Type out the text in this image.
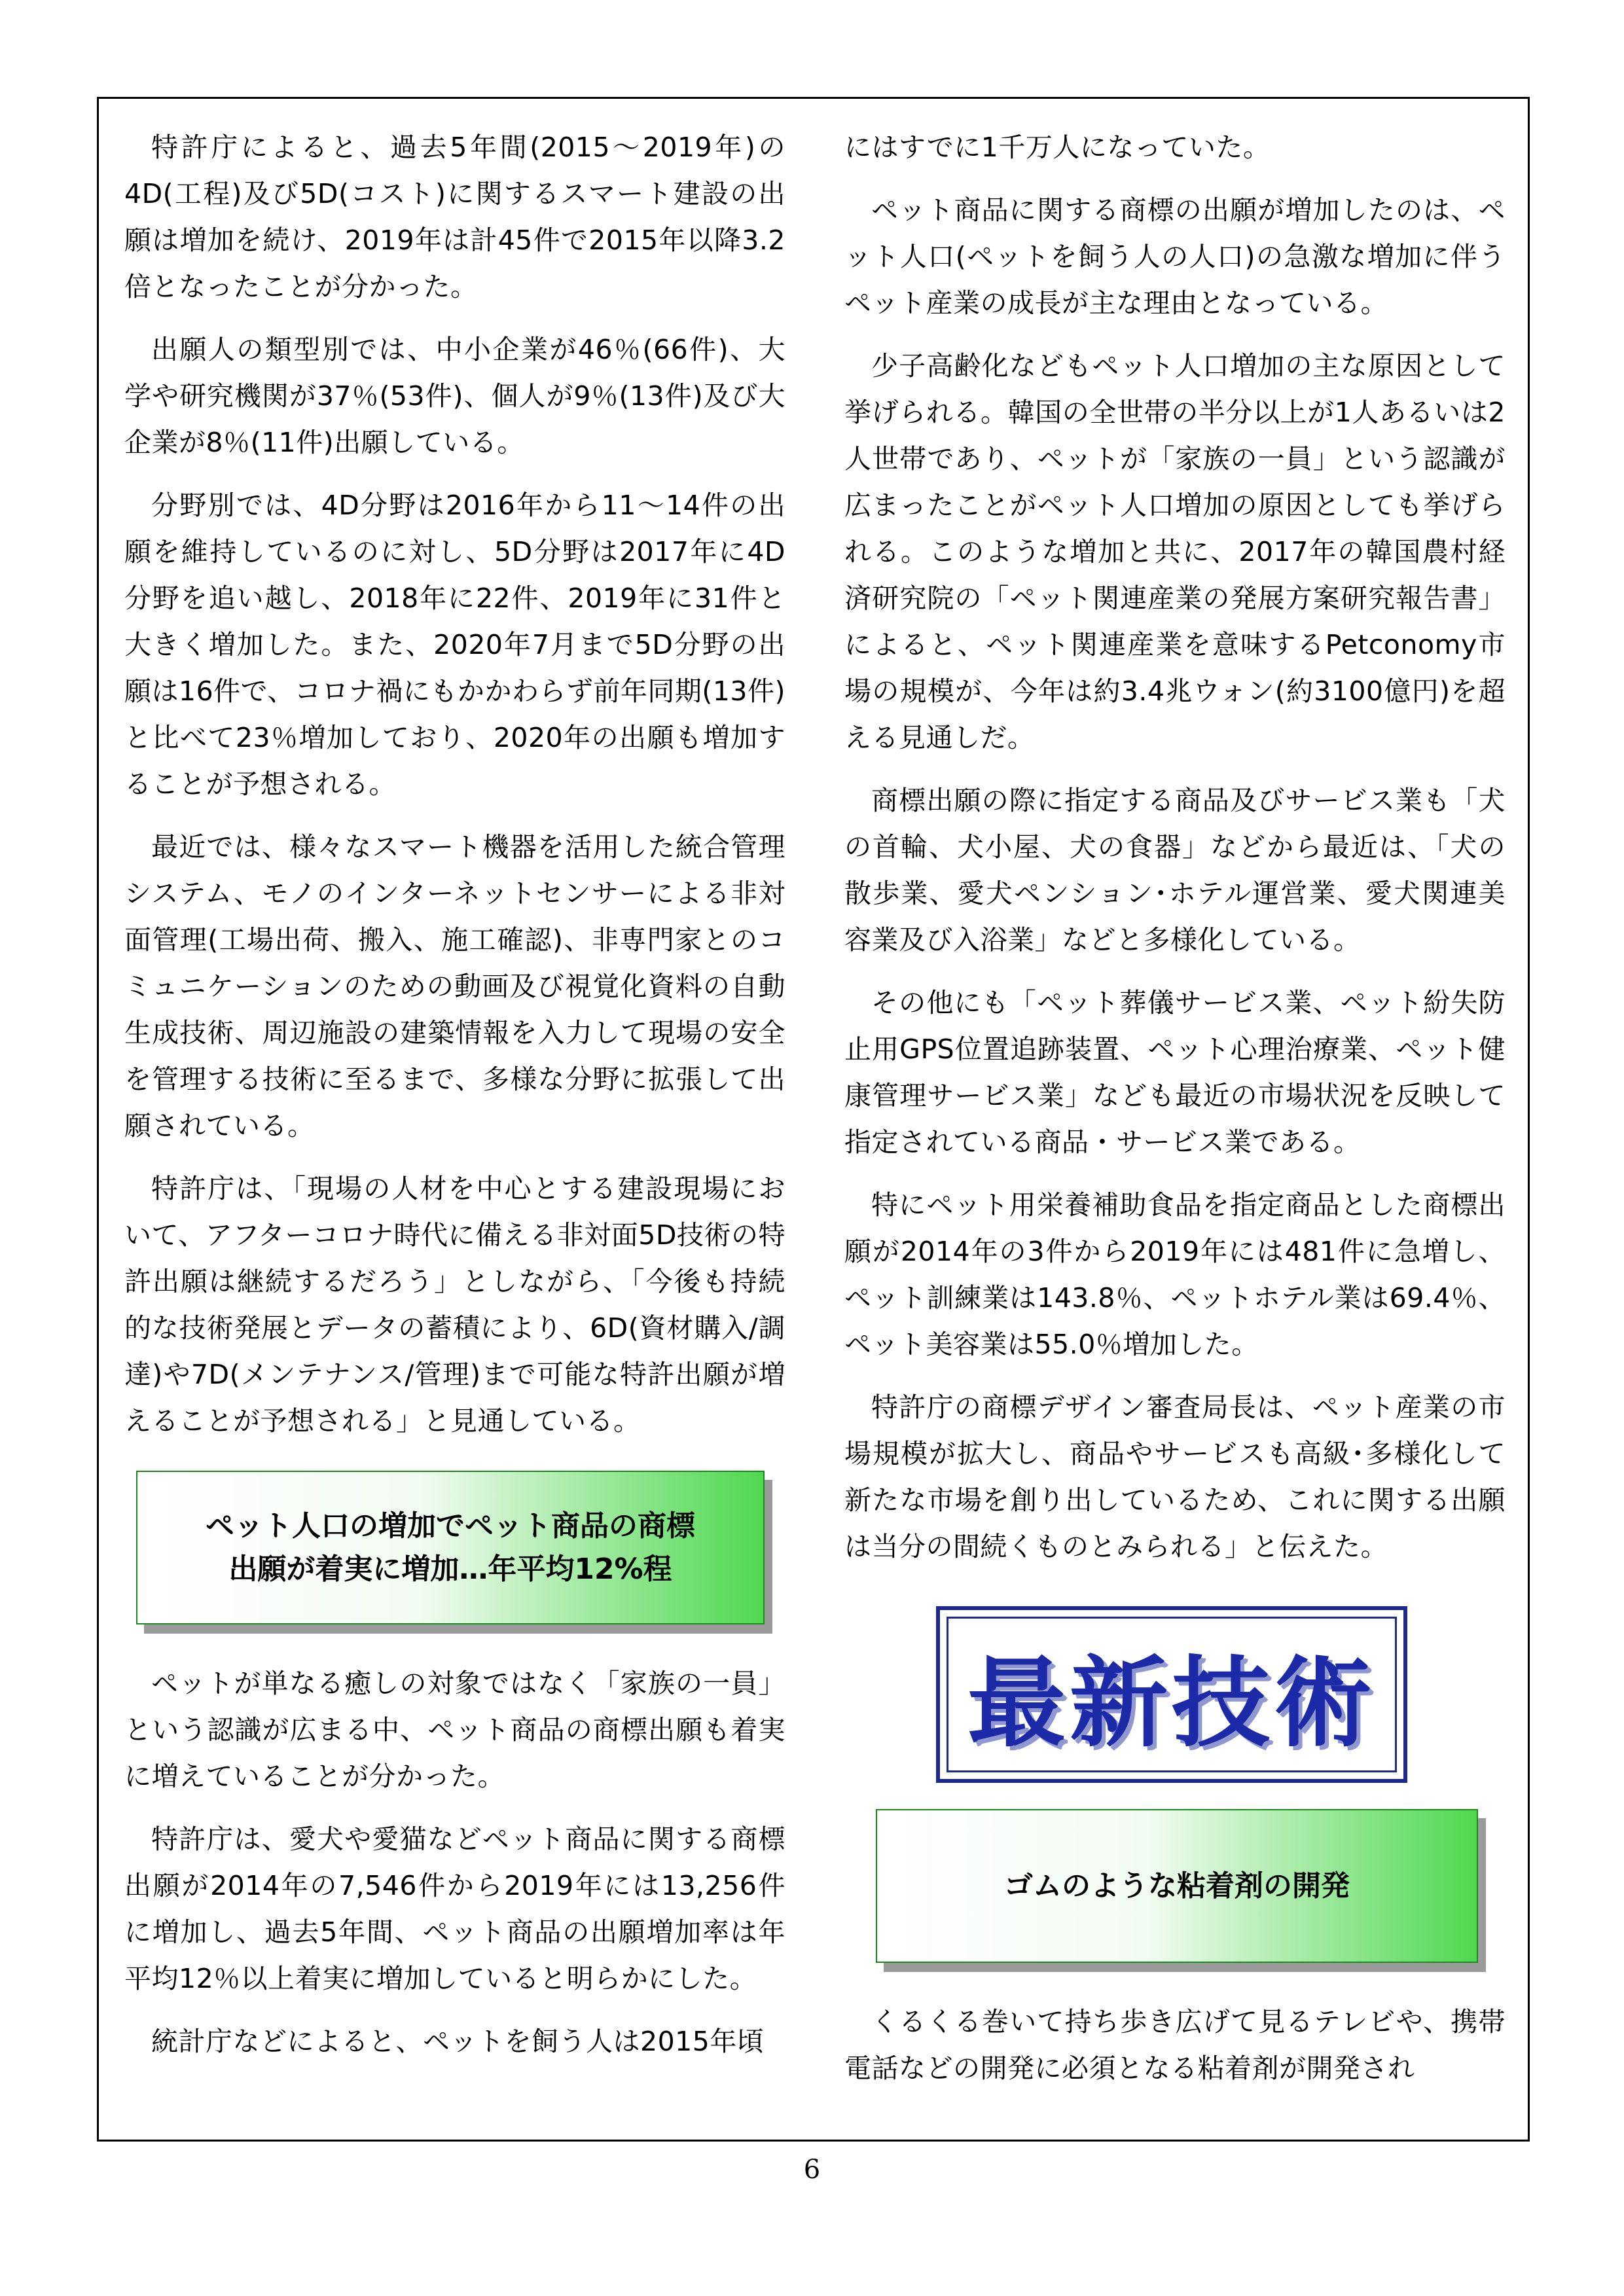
特許庁によると、過去5年間(2015～2019年)の4D(工程)及び5D(コスト)に関するスマート建設の出願は増加を続け、2019年は計45件で2015年以降3.2倍となったことが分かった。

出願人の類型別では、中小企業が46％(66件)、大学や研究機関が37％(53件)、個人が9％(13件)及び大企業が8％(11件)出願している。

分野別では、4D分野は2016年から11～14件の出願を維持しているのに対し、5D分野は2017年に4D分野を追い越し、2018年に22件、2019年に31件と大きく増加した。また、2020年7月まで5D分野の出願は16件で、コロナ禍にもかかわらず前年同期(13件)と比べて23％増加しており、2020年の出願も増加することが予想される。

最近では、様々なスマート機器を活用した統合管理システム、モノのインターネットセンサーによる非対面管理(工場出荷、搬入、施工確認)、非専門家とのコミュニケーションのための動画及び視覚化資料の自動生成技術、周辺施設の建築情報を入力して現場の安全を管理する技術に至るまで、多様な分野に拡張して出願されている。

特許庁は、「現場の人材を中心とする建設現場において、アフターコロナ時代に備える非対面5D技術の特許出願は継続するだろう」としながら、「今後も持続的な技術発展とデータの蓄積により、6D(資材購入/調達)や7D(メンテナンス/管理)まで可能な特許出願が増えることが予想される」と見通している。

ペット人口の増加でペット商品の商標
出願が着実に増加…年平均12%程

ペットが単なる癒しの対象ではなく「家族の一員」という認識が広まる中、ペット商品の商標出願も着実に増えていることが分かった。

特許庁は、愛犬や愛猫などペット商品に関する商標出願が2014年の7,546件から2019年には13,256件に増加し、過去5年間、ペット商品の出願増加率は年平均12％以上着実に増加していると明らかにした。

統計庁などによると、ペットを飼う人は2015年頃

にはすでに1千万人になっていた。

ペット商品に関する商標の出願が増加したのは、ペット人口(ペットを飼う人の人口)の急激な増加に伴うペット産業の成長が主な理由となっている。

少子高齢化などもペット人口増加の主な原因として挙げられる。韓国の全世帯の半分以上が1人あるいは2人世帯であり、ペットが「家族の一員」という認識が広まったことがペット人口増加の原因としても挙げられる。このような増加と共に、2017年の韓国農村経済研究院の「ペット関連産業の発展方案研究報告書」によると、ペット関連産業を意味するPetconomy市場の規模が、今年は約3.4兆ウォン(約3100億円)を超える見通しだ。

商標出願の際に指定する商品及びサービス業も「犬の首輪、犬小屋、犬の食器」などから最近は、「犬の散歩業、愛犬ペンション･ホテル運営業、愛犬関連美容業及び入浴業」などと多様化している。

その他にも「ペット葬儀サービス業、ペット紛失防止用GPS位置追跡装置、ペット心理治療業、ペット健康管理サービス業」なども最近の市場状況を反映して指定されている商品・サービス業である。

特にペット用栄養補助食品を指定商品とした商標出願が2014年の3件から2019年には481件に急増し、ペット訓練業は143.8％、ペットホテル業は69.4％、ペット美容業は55.0％増加した。

特許庁の商標デザイン審査局長は、ペット産業の市場規模が拡大し、商品やサービスも高級･多様化して新たな市場を創り出しているため、これに関する出願は当分の間続くものとみられる」と伝えた。

最新技術
ゴムのような粘着剤の開発

くるくる巻いて持ち歩き広げて見るテレビや、携帯電話などの開発に必須となる粘着剤が開発され

6
